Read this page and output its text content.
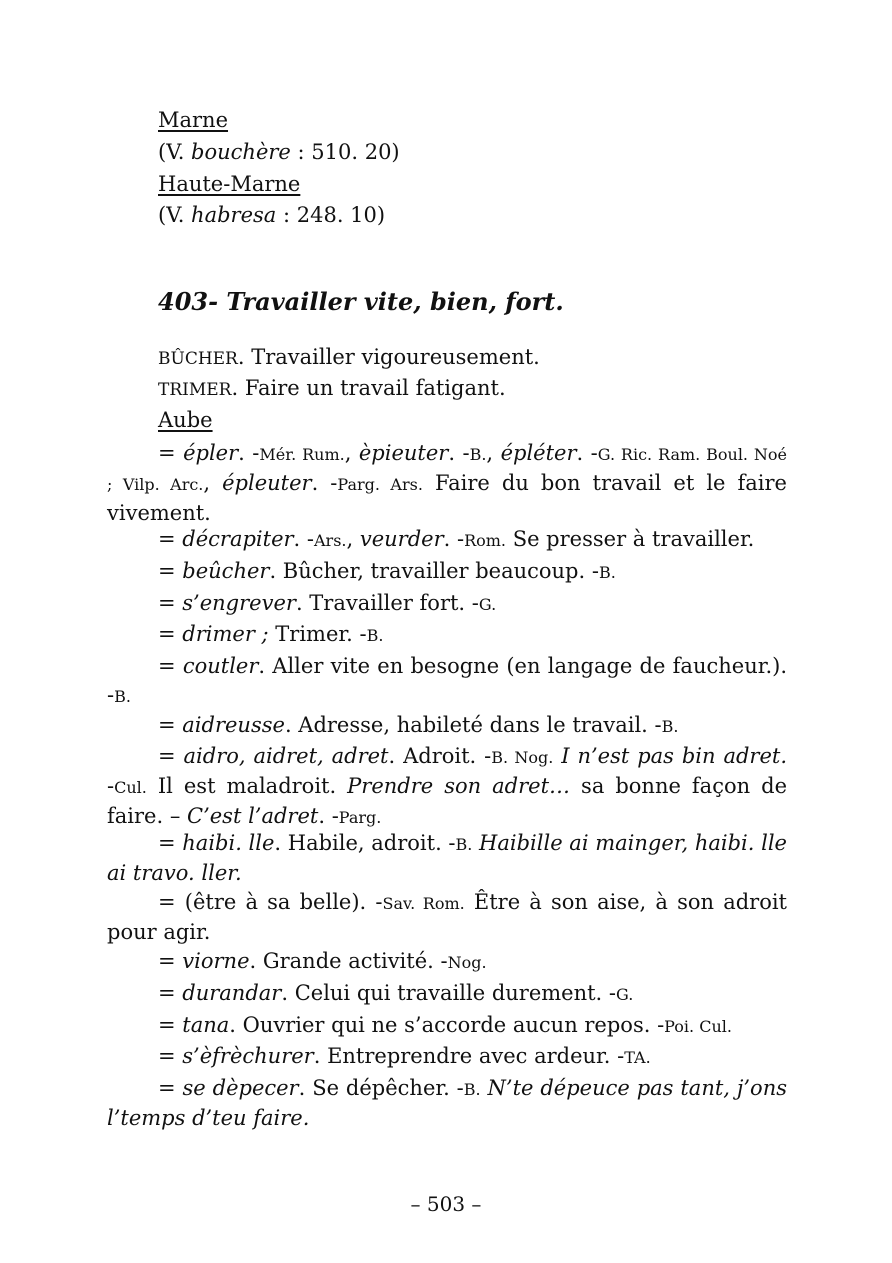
Marne

(V. bouchère : 510. 20)

Haute-Marne

(V. habresa : 248. 10)

403- Travailler vite, bien, fort.

BÛCHER. Travailler vigoureusement.

TRIMER. Faire un travail fatigant.

Aube

= épler. -Mér. Rum., èpieuter. -B., épléter. -G. Ric. Ram. Boul. Noé ; Vilp. Arc., épleuter. -Parg. Ars. Faire du bon travail et le faire vivement.

= décrapiter. -Ars., veurder. -Rom. Se presser à travailler.

= beûcher. Bûcher, travailler beaucoup. -B.

= s’engrever. Travailler fort. -G.

= drimer ; Trimer. -B.

= coutler. Aller vite en besogne (en langage de faucheur.). -B.

= aidreusse. Adresse, habileté dans le travail. -B.

= aidro, aidret, adret. Adroit. -B. Nog. I n’est pas bin adret. -Cul. Il est maladroit. Prendre son adret… sa bonne façon de faire. – C’est l’adret. -Parg.

= haibi. lle. Habile, adroit. -B. Haibille ai mainger, haibi. lle ai travo. ller.

= (être à sa belle). -Sav. Rom. Être à son aise, à son adroit pour agir.

= viorne. Grande activité. -Nog.

= durandar. Celui qui travaille durement. -G.

= tana. Ouvrier qui ne s’accorde aucun repos. -Poi. Cul.

= s’èfrèchurer. Entreprendre avec ardeur. -TA.

= se dèpecer. Se dépêcher. -B. N’te dépeuce pas tant, j’ons l’temps d’teu faire.

– 503 –
